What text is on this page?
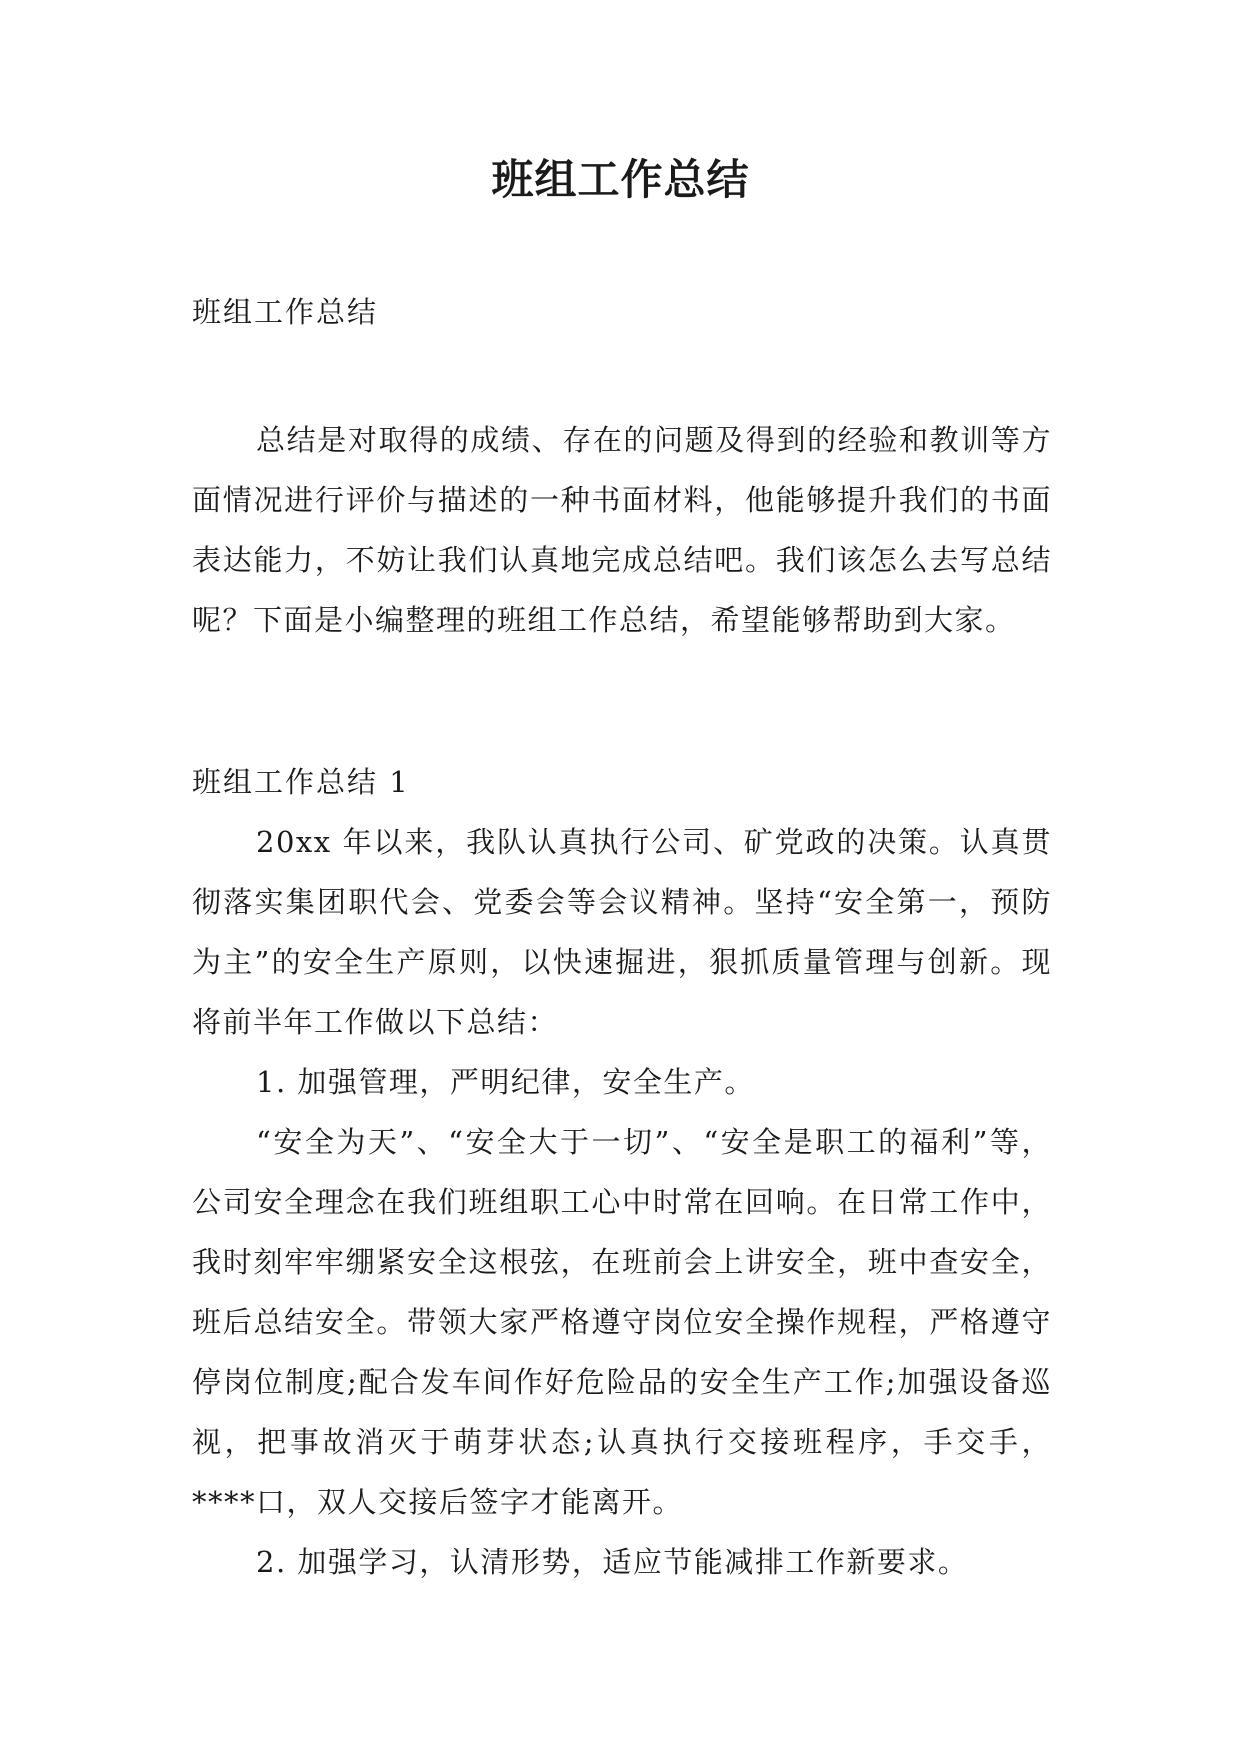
班组工作总结

班组工作总结

总结是对取得的成绩、存在的问题及得到的经验和教训等方面情况进行评价与描述的一种书面材料，他能够提升我们的书面表达能力，不妨让我们认真地完成总结吧。我们该怎么去写总结呢？下面是小编整理的班组工作总结，希望能够帮助到大家。

班组工作总结 1

20xx 年以来，我队认真执行公司、矿党政的决策。认真贯彻落实集团职代会、党委会等会议精神。坚持“安全第一，预防为主”的安全生产原则，以快速掘进，狠抓质量管理与创新。现将前半年工作做以下总结：

1. 加强管理，严明纪律，安全生产。

“安全为天”、“安全大于一切”、“安全是职工的福利”等，公司安全理念在我们班组职工心中时常在回响。在日常工作中，我时刻牢牢绷紧安全这根弦，在班前会上讲安全，班中查安全，班后总结安全。带领大家严格遵守岗位安全操作规程，严格遵守停岗位制度;配合发车间作好危险品的安全生产工作;加强设备巡视，把事故消灭于萌芽状态;认真执行交接班程序，手交手，****口，双人交接后签字才能离开。

2. 加强学习，认清形势，适应节能减排工作新要求。
